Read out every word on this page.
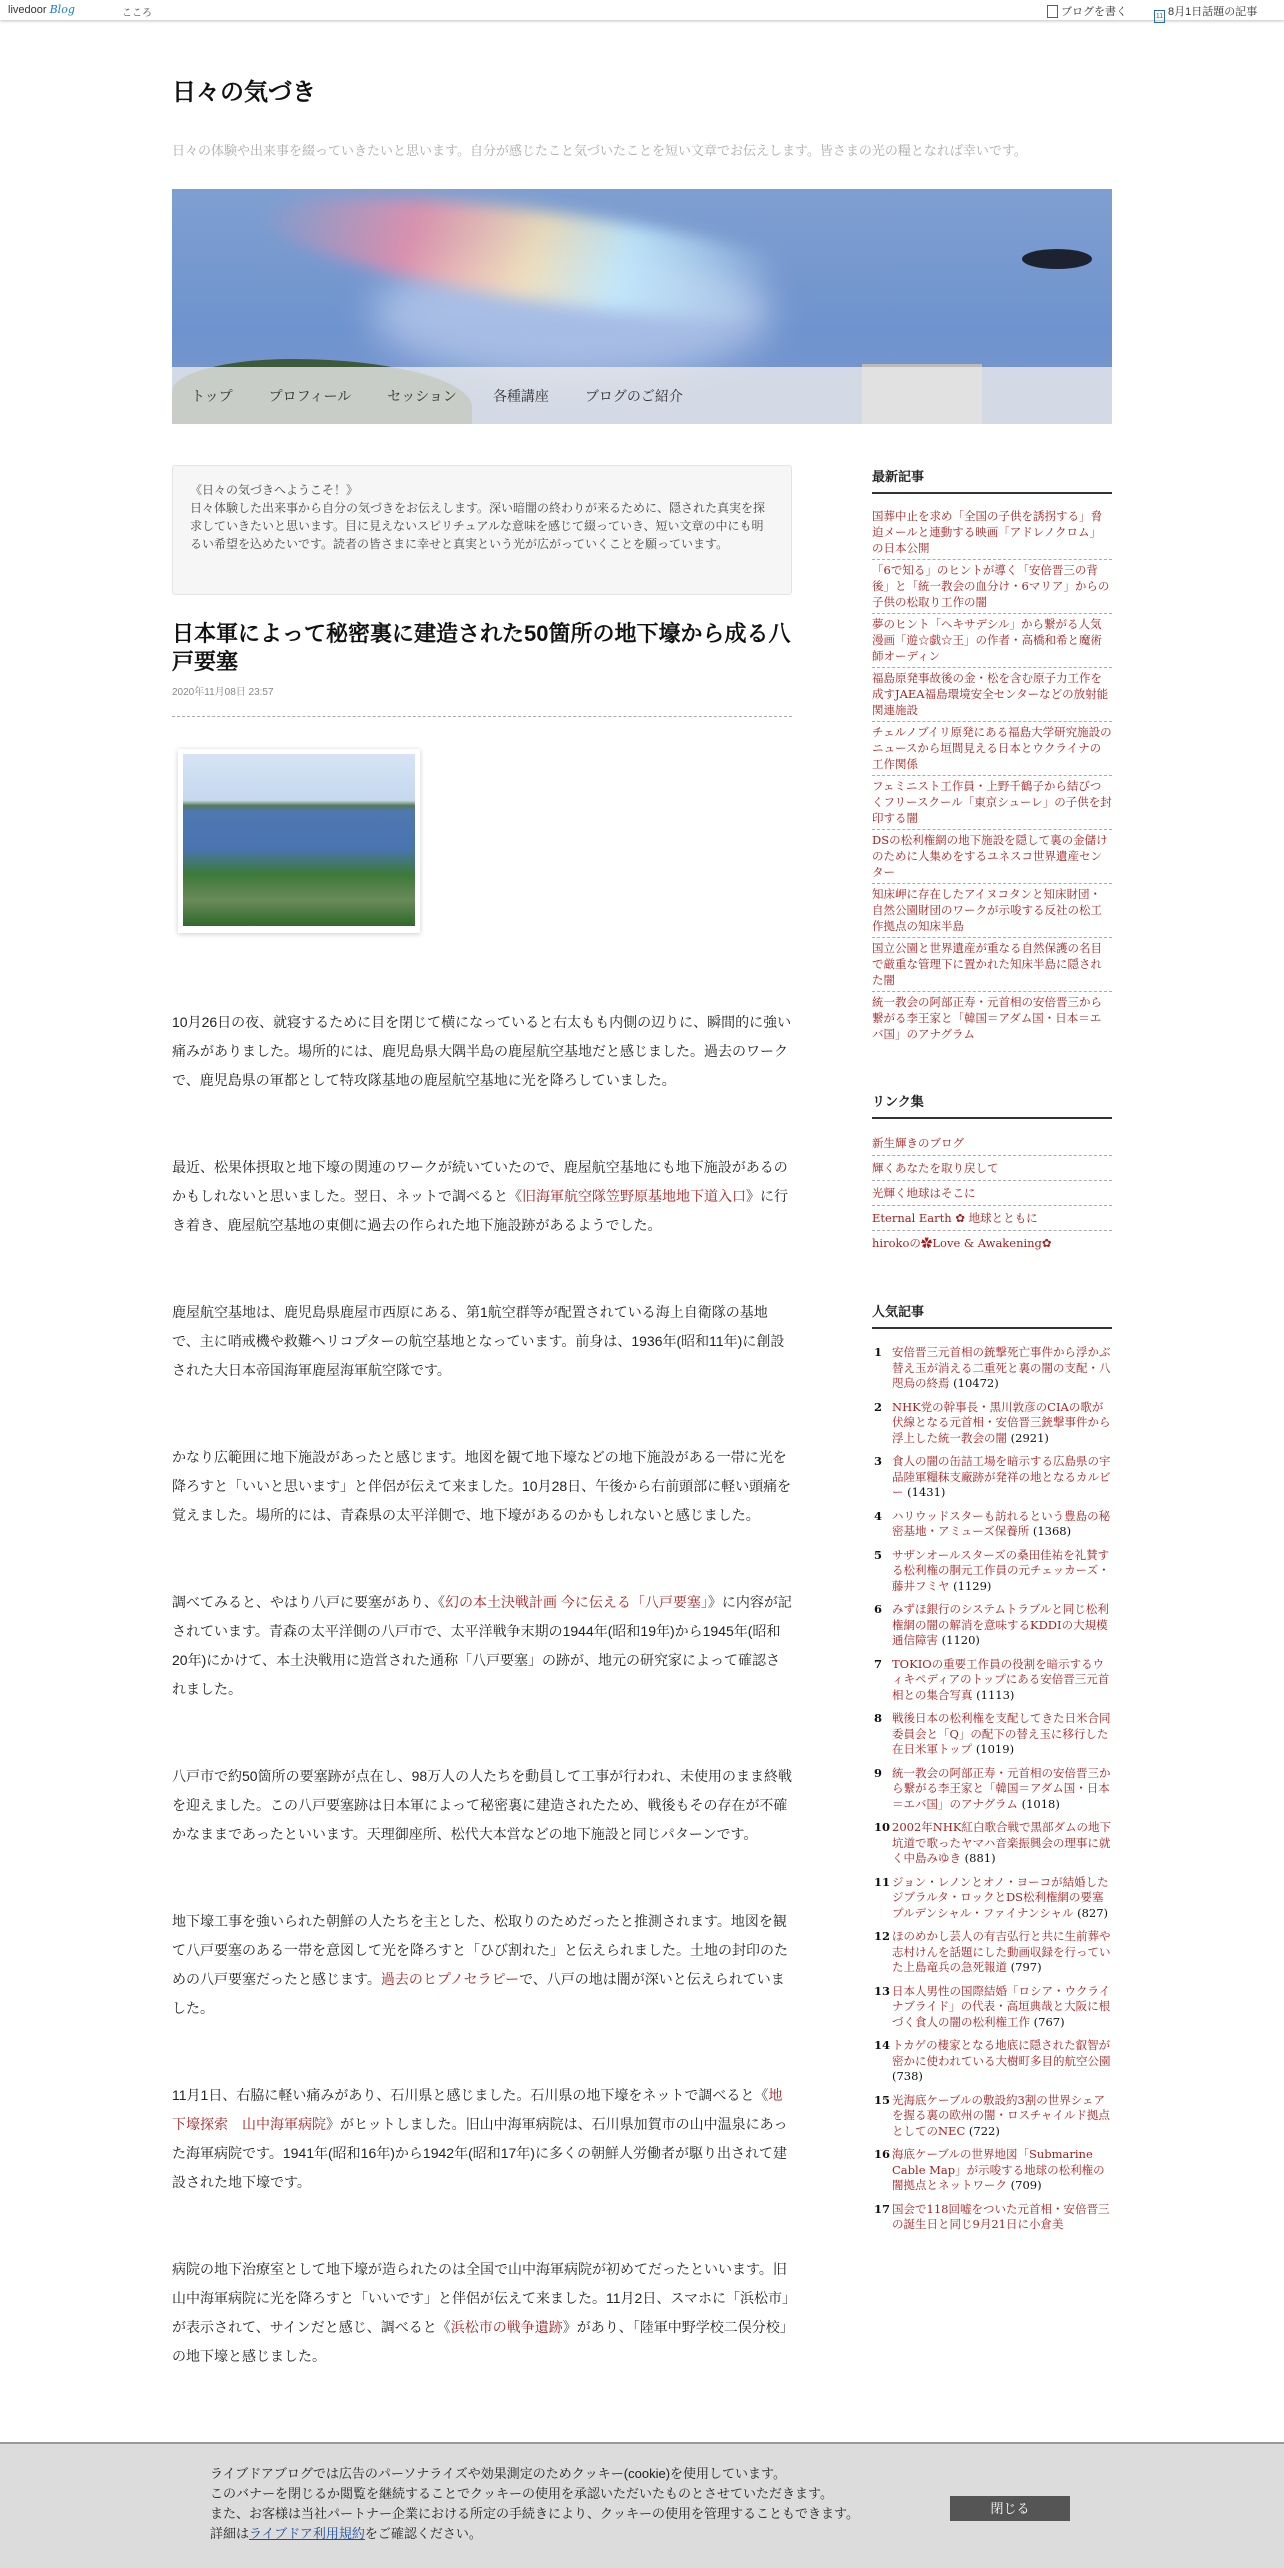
livedoor Blog	こころ	ブログを書く	11 8月1日話題の記事
日々の気づき
日々の体験や出来事を綴っていきたいと思います。自分が感じたこと気づいたことを短い文章でお伝えします。皆さまの光の糧となれば幸いです。
トップ	プロフィール	セッション	各種講座	ブログのご紹介
《日々の気づきへようこそ！》
日々体験した出来事から自分の気づきをお伝えします。深い暗闇の終わりが来るために、隠された真実を探求していきたいと思います。目に見えないスピリチュアルな意味を感じて綴っていき、短い文章の中にも明るい希望を込めたいです。読者の皆さまに幸せと真実という光が広がっていくことを願っています。
日本軍によって秘密裏に建造された50箇所の地下壕から成る八戸要塞
2020年11月08日 23:57

10月26日の夜、就寝するために目を閉じて横になっていると右太もも内側の辺りに、瞬間的に強い痛みがありました。場所的には、鹿児島県大隅半島の鹿屋航空基地だと感じました。過去のワークで、鹿児島県の軍都として特攻隊基地の鹿屋航空基地に光を降ろしていました。

最近、松果体摂取と地下壕の関連のワークが続いていたので、鹿屋航空基地にも地下施設があるのかもしれないと思いました。翌日、ネットで調べると《旧海軍航空隊笠野原基地地下道入口》に行き着き、鹿屋航空基地の東側に過去の作られた地下施設跡があるようでした。

鹿屋航空基地は、鹿児島県鹿屋市西原にある、第1航空群等が配置されている海上自衛隊の基地で、主に哨戒機や救難ヘリコプターの航空基地となっています。前身は、1936年(昭和11年)に創設された大日本帝国海軍鹿屋海軍航空隊です。

かなり広範囲に地下施設があったと感じます。地図を観て地下壕などの地下施設がある一帯に光を降ろすと「いいと思います」と伴侶が伝えて来ました。10月28日、午後から右前頭部に軽い頭痛を覚えました。場所的には、青森県の太平洋側で、地下壕があるのかもしれないと感じました。

調べてみると、やはり八戸に要塞があり、《幻の本土決戦計画 今に伝える「八戸要塞」》に内容が記されています。青森の太平洋側の八戸市で、太平洋戦争末期の1944年(昭和19年)から1945年(昭和20年)にかけて、本土決戦用に造営された通称「八戸要塞」の跡が、地元の研究家によって確認されました。

八戸市で約50箇所の要塞跡が点在し、98万人の人たちを動員して工事が行われ、未使用のまま終戦を迎えました。この八戸要塞跡は日本軍によって秘密裏に建造されたため、戦後もその存在が不確かなままであったといいます。天理御座所、松代大本営などの地下施設と同じパターンです。

地下壕工事を強いられた朝鮮の人たちを主とした、松取りのためだったと推測されます。地図を観て八戸要塞のある一帯を意図して光を降ろすと「ひび割れた」と伝えられました。土地の封印のための八戸要塞だったと感じます。過去のヒプノセラピーで、八戸の地は闇が深いと伝えられていました。

11月1日、右脇に軽い痛みがあり、石川県と感じました。石川県の地下壕をネットで調べると《地下壕探索　山中海軍病院》がヒットしました。旧山中海軍病院は、石川県加賀市の山中温泉にあった海軍病院です。1941年(昭和16年)から1942年(昭和17年)に多くの朝鮮人労働者が駆り出されて建設された地下壕です。

病院の地下治療室として地下壕が造られたのは全国で山中海軍病院が初めてだったといいます。旧山中海軍病院に光を降ろすと「いいです」と伴侶が伝えて来ました。11月2日、スマホに「浜松市」が表示されて、サインだと感じ、調べると《浜松市の戦争遺跡》があり、「陸軍中野学校二俣分校」の地下壕と感じました。

最新記事
国葬中止を求め「全国の子供を誘拐する」脅迫メールと連動する映画「アドレノクロム」の日本公開
「6で知る」のヒントが導く「安倍晋三の背後」と「統一教会の血分け・6マリア」からの子供の松取り工作の闇
夢のヒント「ヘキサデシル」から繋がる人気漫画「遊☆戯☆王」の作者・高橋和希と魔術師オーディン
福島原発事故後の金・松を含む原子力工作を成すJAEA福島環境安全センターなどの放射能関連施設
チェルノブイリ原発にある福島大学研究施設のニュースから垣間見える日本とウクライナの工作関係
フェミニスト工作員・上野千鶴子から結びつくフリースクール「東京シューレ」の子供を封印する闇
DSの松利権網の地下施設を隠して裏の金儲けのために人集めをするユネスコ世界遺産センター
知床岬に存在したアイヌコタンと知床財団・自然公園財団のワークが示唆する反社の松工作拠点の知床半島
国立公園と世界遺産が重なる自然保護の名目で厳重な管理下に置かれた知床半島に隠された闇
統一教会の阿部正寿・元首相の安倍晋三から繋がる李王家と「韓国＝アダム国・日本＝エバ国」のアナグラム
リンク集
新生輝きのブログ
輝くあなたを取り戻して
光輝く地球はそこに
Eternal Earth ✿ 地球とともに
hirokoの✿Love & Awakening✿
人気記事
1 安倍晋三元首相の銃撃死亡事件から浮かぶ替え玉が消える二重死と裏の闇の支配・八咫烏の終焉 (10472)
2 NHK党の幹事長・黒川敦彦のCIAの歌が伏線となる元首相・安倍晋三銃撃事件から浮上した統一教会の闇 (2921)
3 食人の闇の缶詰工場を暗示する広島県の宇品陸軍糧秣支廠跡が発祥の地となるカルビー (1431)
4 ハリウッドスターも訪れるという豊島の秘密基地・アミューズ保養所 (1368)
5 サザンオールスターズの桑田佳祐を礼賛する松利権の胴元工作員の元チェッカーズ・藤井フミヤ (1129)
6 みずほ銀行のシステムトラブルと同じ松利権網の闇の解消を意味するKDDIの大規模通信障害 (1120)
7 TOKIOの重要工作員の役割を暗示するウィキペディアのトップにある安倍晋三元首相との集合写真 (1113)
8 戦後日本の松利権を支配してきた日米合同委員会と「Q」の配下の替え玉に移行した在日米軍トップ (1019)
9 統一教会の阿部正寿・元首相の安倍晋三から繋がる李王家と「韓国＝アダム国・日本＝エバ国」のアナグラム (1018)
10 2002年NHK紅白歌合戦で黒部ダムの地下坑道で歌ったヤマハ音楽振興会の理事に就く中島みゆき (881)
11 ジョン・レノンとオノ・ヨーコが結婚したジブラルタ・ロックとDS松利権網の要塞プルデンシャル・ファイナンシャル (827)
12 ほのめかし芸人の有吉弘行と共に生前葬や志村けんを話題にした動画収録を行っていた上島竜兵の急死報道 (797)
13 日本人男性の国際結婚「ロシア・ウクライナブライド」の代表・高垣典哉と大阪に根づく食人の闇の松利権工作 (767)
14 トカゲの棲家となる地底に隠された叡智が密かに使われている大樹町多目的航空公園 (738)
15 光海底ケーブルの敷設約3割の世界シェアを握る裏の欧州の闇・ロスチャイルド拠点としてのNEC (722)
16 海底ケーブルの世界地図「Submarine Cable Map」が示唆する地球の松利権の闇拠点とネットワーク (709)
17 国会で118回嘘をついた元首相・安倍晋三の誕生日と同じ9月21日に小倉美
ライブドアブログでは広告のパーソナライズや効果測定のためクッキー(cookie)を使用しています。
このバナーを閉じるか閲覧を継続することでクッキーの使用を承認いただいたものとさせていただきます。
また、お客様は当社パートナー企業における所定の手続きにより、クッキーの使用を管理することもできます。
詳細はライブドア利用規約をご確認ください。
閉じる
